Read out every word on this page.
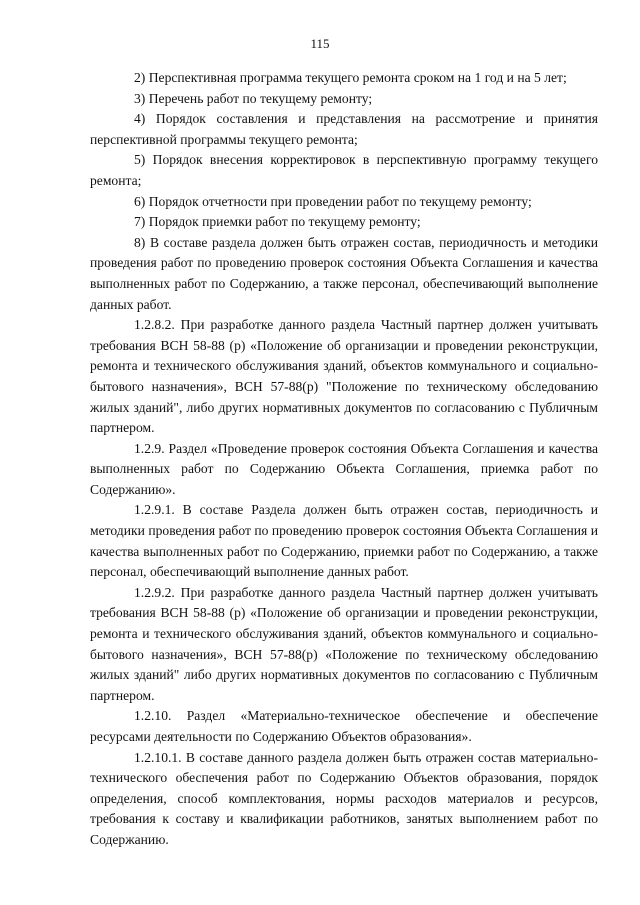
115

2) Перспективная программа текущего ремонта сроком на 1 год и на 5 лет;

3) Перечень работ по текущему ремонту;

4) Порядок составления и представления на рассмотрение и принятия перспективной программы текущего ремонта;

5) Порядок внесения корректировок в перспективную программу текущего ремонта;

6) Порядок отчетности при проведении работ по текущему ремонту;

7) Порядок приемки работ по текущему ремонту;

8) В составе раздела должен быть отражен состав, периодичность и методики проведения работ по проведению проверок состояния Объекта Соглашения и качества выполненных работ по Содержанию, а также персонал, обеспечивающий выполнение данных работ.

1.2.8.2. При разработке данного раздела Частный партнер должен учитывать требования ВСН 58-88 (р) «Положение об организации и проведении реконструкции, ремонта и технического обслуживания зданий, объектов коммунального и социально-бытового назначения», ВСН 57-88(р) "Положение по техническому обследованию жилых зданий", либо других нормативных документов по согласованию с Публичным партнером.

1.2.9. Раздел «Проведение проверок состояния Объекта Соглашения и качества выполненных работ по Содержанию Объекта Соглашения, приемка работ по Содержанию».

1.2.9.1. В составе Раздела должен быть отражен состав, периодичность и методики проведения работ по проведению проверок состояния Объекта Соглашения и качества выполненных работ по Содержанию, приемки работ по Содержанию, а также персонал, обеспечивающий выполнение данных работ.

1.2.9.2. При разработке данного раздела Частный партнер должен учитывать требования ВСН 58-88 (р) «Положение об организации и проведении реконструкции, ремонта и технического обслуживания зданий, объектов коммунального и социально-бытового назначения», ВСН 57-88(р) «Положение по техническому обследованию жилых зданий" либо других нормативных документов по согласованию с Публичным партнером.

1.2.10. Раздел «Материально-техническое обеспечение и обеспечение ресурсами деятельности по Содержанию Объектов образования».

1.2.10.1. В составе данного раздела должен быть отражен состав материально-технического обеспечения работ по Содержанию Объектов образования, порядок определения, способ комплектования, нормы расходов материалов и ресурсов, требования к составу и квалификации работников, занятых выполнением работ по Содержанию.
